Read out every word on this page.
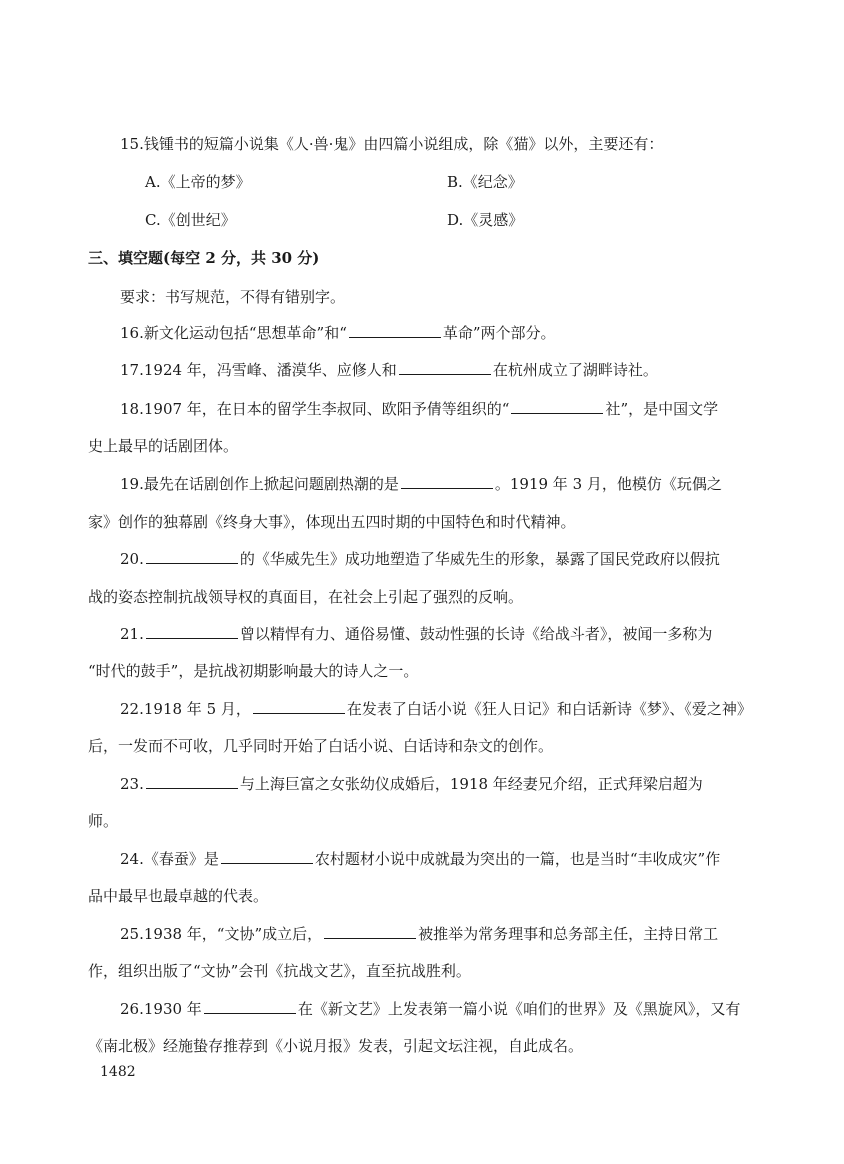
15.钱锺书的短篇小说集《人·兽·鬼》由四篇小说组成，除《猫》以外，主要还有：
A.《上帝的梦》	B.《纪念》
C.《创世纪》	D.《灵感》
三、填空题(每空 2 分，共 30 分)
要求：书写规范，不得有错别字。
16.新文化运动包括“思想革命”和“	革命”两个部分。
17.1924 年，冯雪峰、潘漠华、应修人和	在杭州成立了湖畔诗社。
18.1907 年，在日本的留学生李叔同、欧阳予倩等组织的“	社”，是中国文学
史上最早的话剧团体。
19.最先在话剧创作上掀起问题剧热潮的是	。1919 年 3 月，他模仿《玩偶之
家》创作的独幕剧《终身大事》，体现出五四时期的中国特色和时代精神。
20.	的《华威先生》成功地塑造了华威先生的形象，暴露了国民党政府以假抗
战的姿态控制抗战领导权的真面目，在社会上引起了强烈的反响。
21.	曾以精悍有力、通俗易懂、鼓动性强的长诗《给战斗者》，被闻一多称为
“时代的鼓手”，是抗战初期影响最大的诗人之一。
22.1918 年 5 月，	在发表了白话小说《狂人日记》和白话新诗《梦》、《爱之神》
后，一发而不可收，几乎同时开始了白话小说、白话诗和杂文的创作。
23.	与上海巨富之女张幼仪成婚后，1918 年经妻兄介绍，正式拜梁启超为
师。
24.《春蚕》是	农村题材小说中成就最为突出的一篇，也是当时“丰收成灾”作
品中最早也最卓越的代表。
25.1938 年，“文协”成立后，	被推举为常务理事和总务部主任，主持日常工
作，组织出版了“文协”会刊《抗战文艺》，直至抗战胜利。
26.1930 年	在《新文艺》上发表第一篇小说《咱们的世界》及《黑旋风》，又有
《南北极》经施蛰存推荐到《小说月报》发表，引起文坛注视，自此成名。
1482
